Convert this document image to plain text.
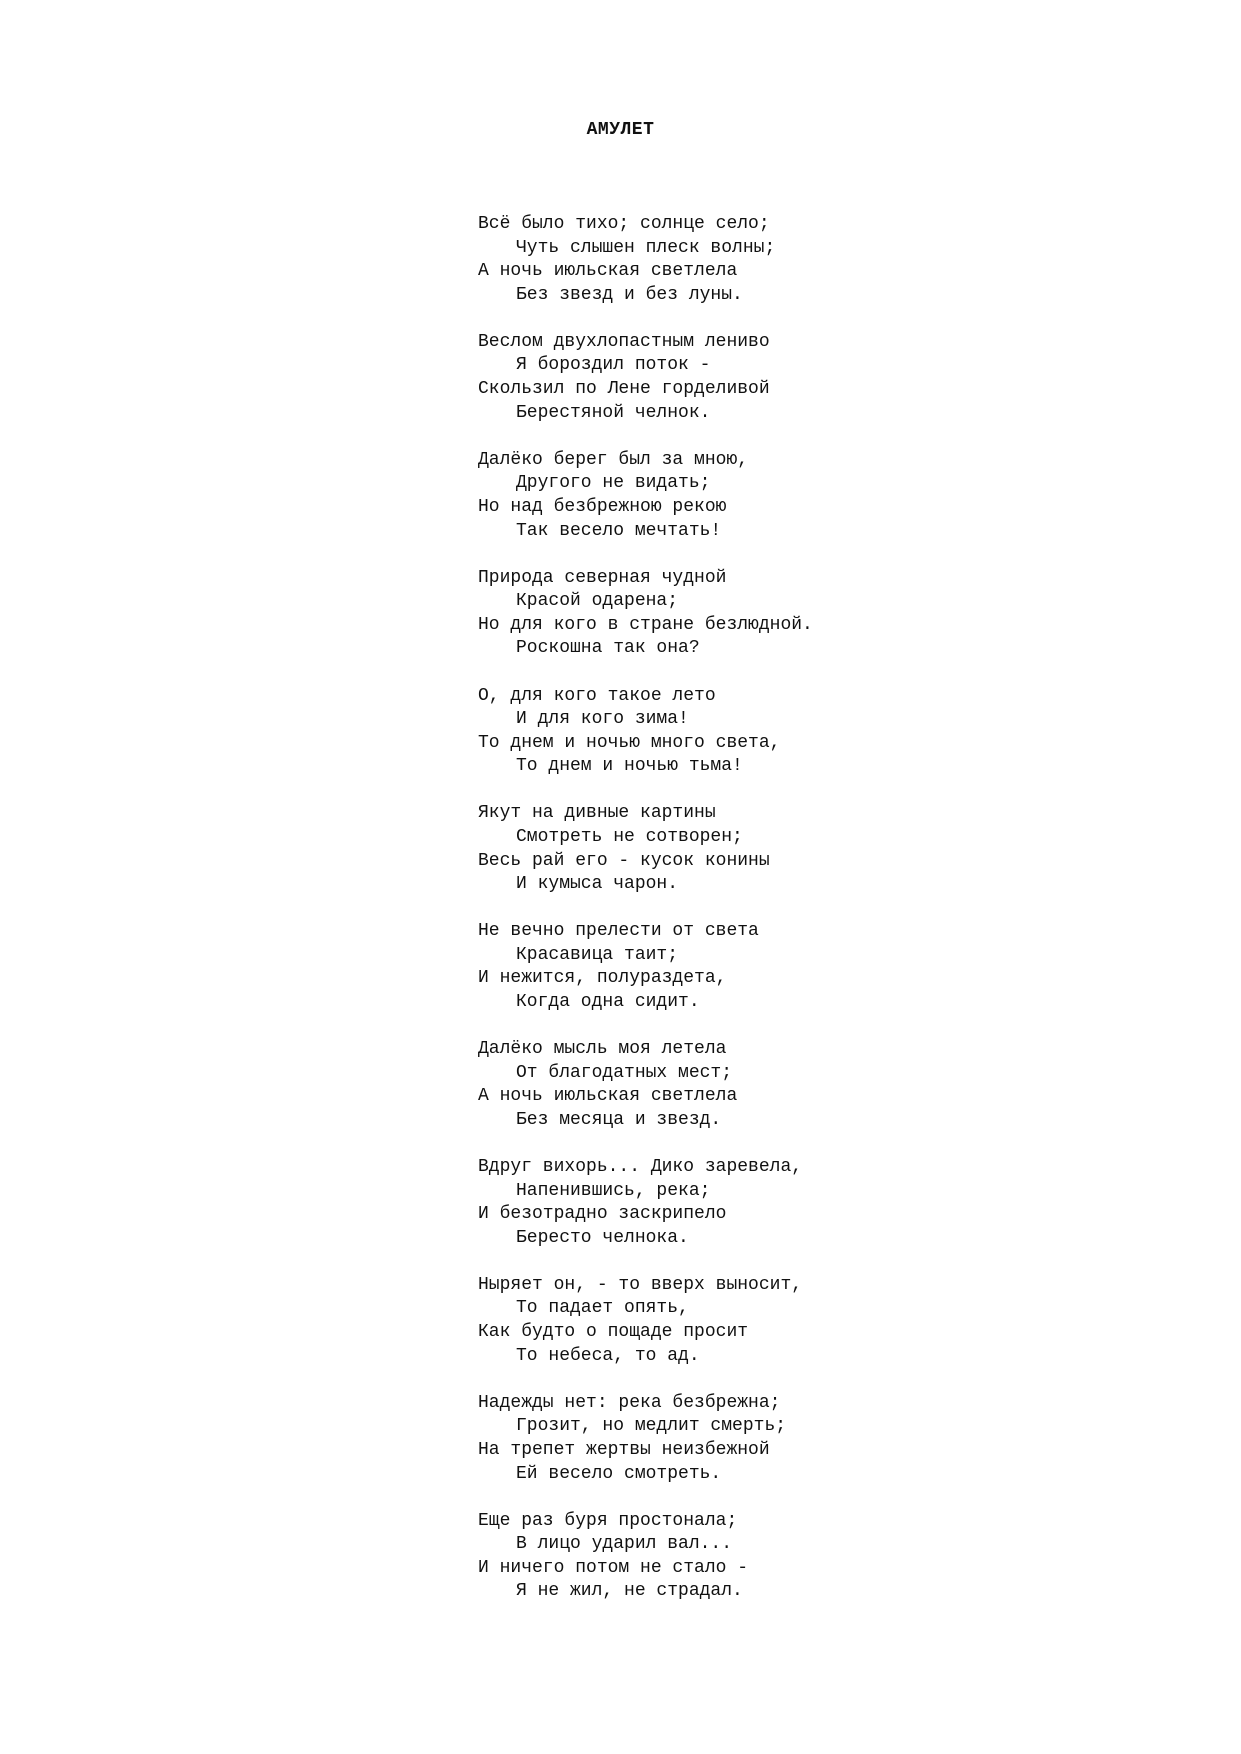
АМУЛЕТ
Всё было тихо; солнце село;
Чуть слышен плеск волны;
А ночь июльская светлела
Без звезд и без луны.
Веслом двухлопастным лениво
Я бороздил поток -
Скользил по Лене горделивой
Берестяной челнок.
Далёко берег был за мною,
Другого не видать;
Но над безбрежною рекою
Так весело мечтать!
Природа северная чудной
Красой одарена;
Но для кого в стране безлюдной.
Роскошна так она?
О, для кого такое лето
И для кого зима!
То днем и ночью много света,
То днем и ночью тьма!
Якут на дивные картины
Смотреть не сотворен;
Весь рай его - кусок конины
И кумыса чарон.
Не вечно прелести от света
Красавица таит;
И нежится, полураздета,
Когда одна сидит.
Далёко мысль моя летела
От благодатных мест;
А ночь июльская светлела
Без месяца и звезд.
Вдруг вихорь... Дико заревела,
Напенившись, река;
И безотрадно заскрипело
Бересто челнока.
Ныряет он, - то вверх выносит,
То падает опять,
Как будто о пощаде просит
То небеса, то ад.
Надежды нет: река безбрежна;
Грозит, но медлит смерть;
На трепет жертвы неизбежной
Ей весело смотреть.
Еще раз буря простонала;
В лицо ударил вал...
И ничего потом не стало -
Я не жил, не страдал.
